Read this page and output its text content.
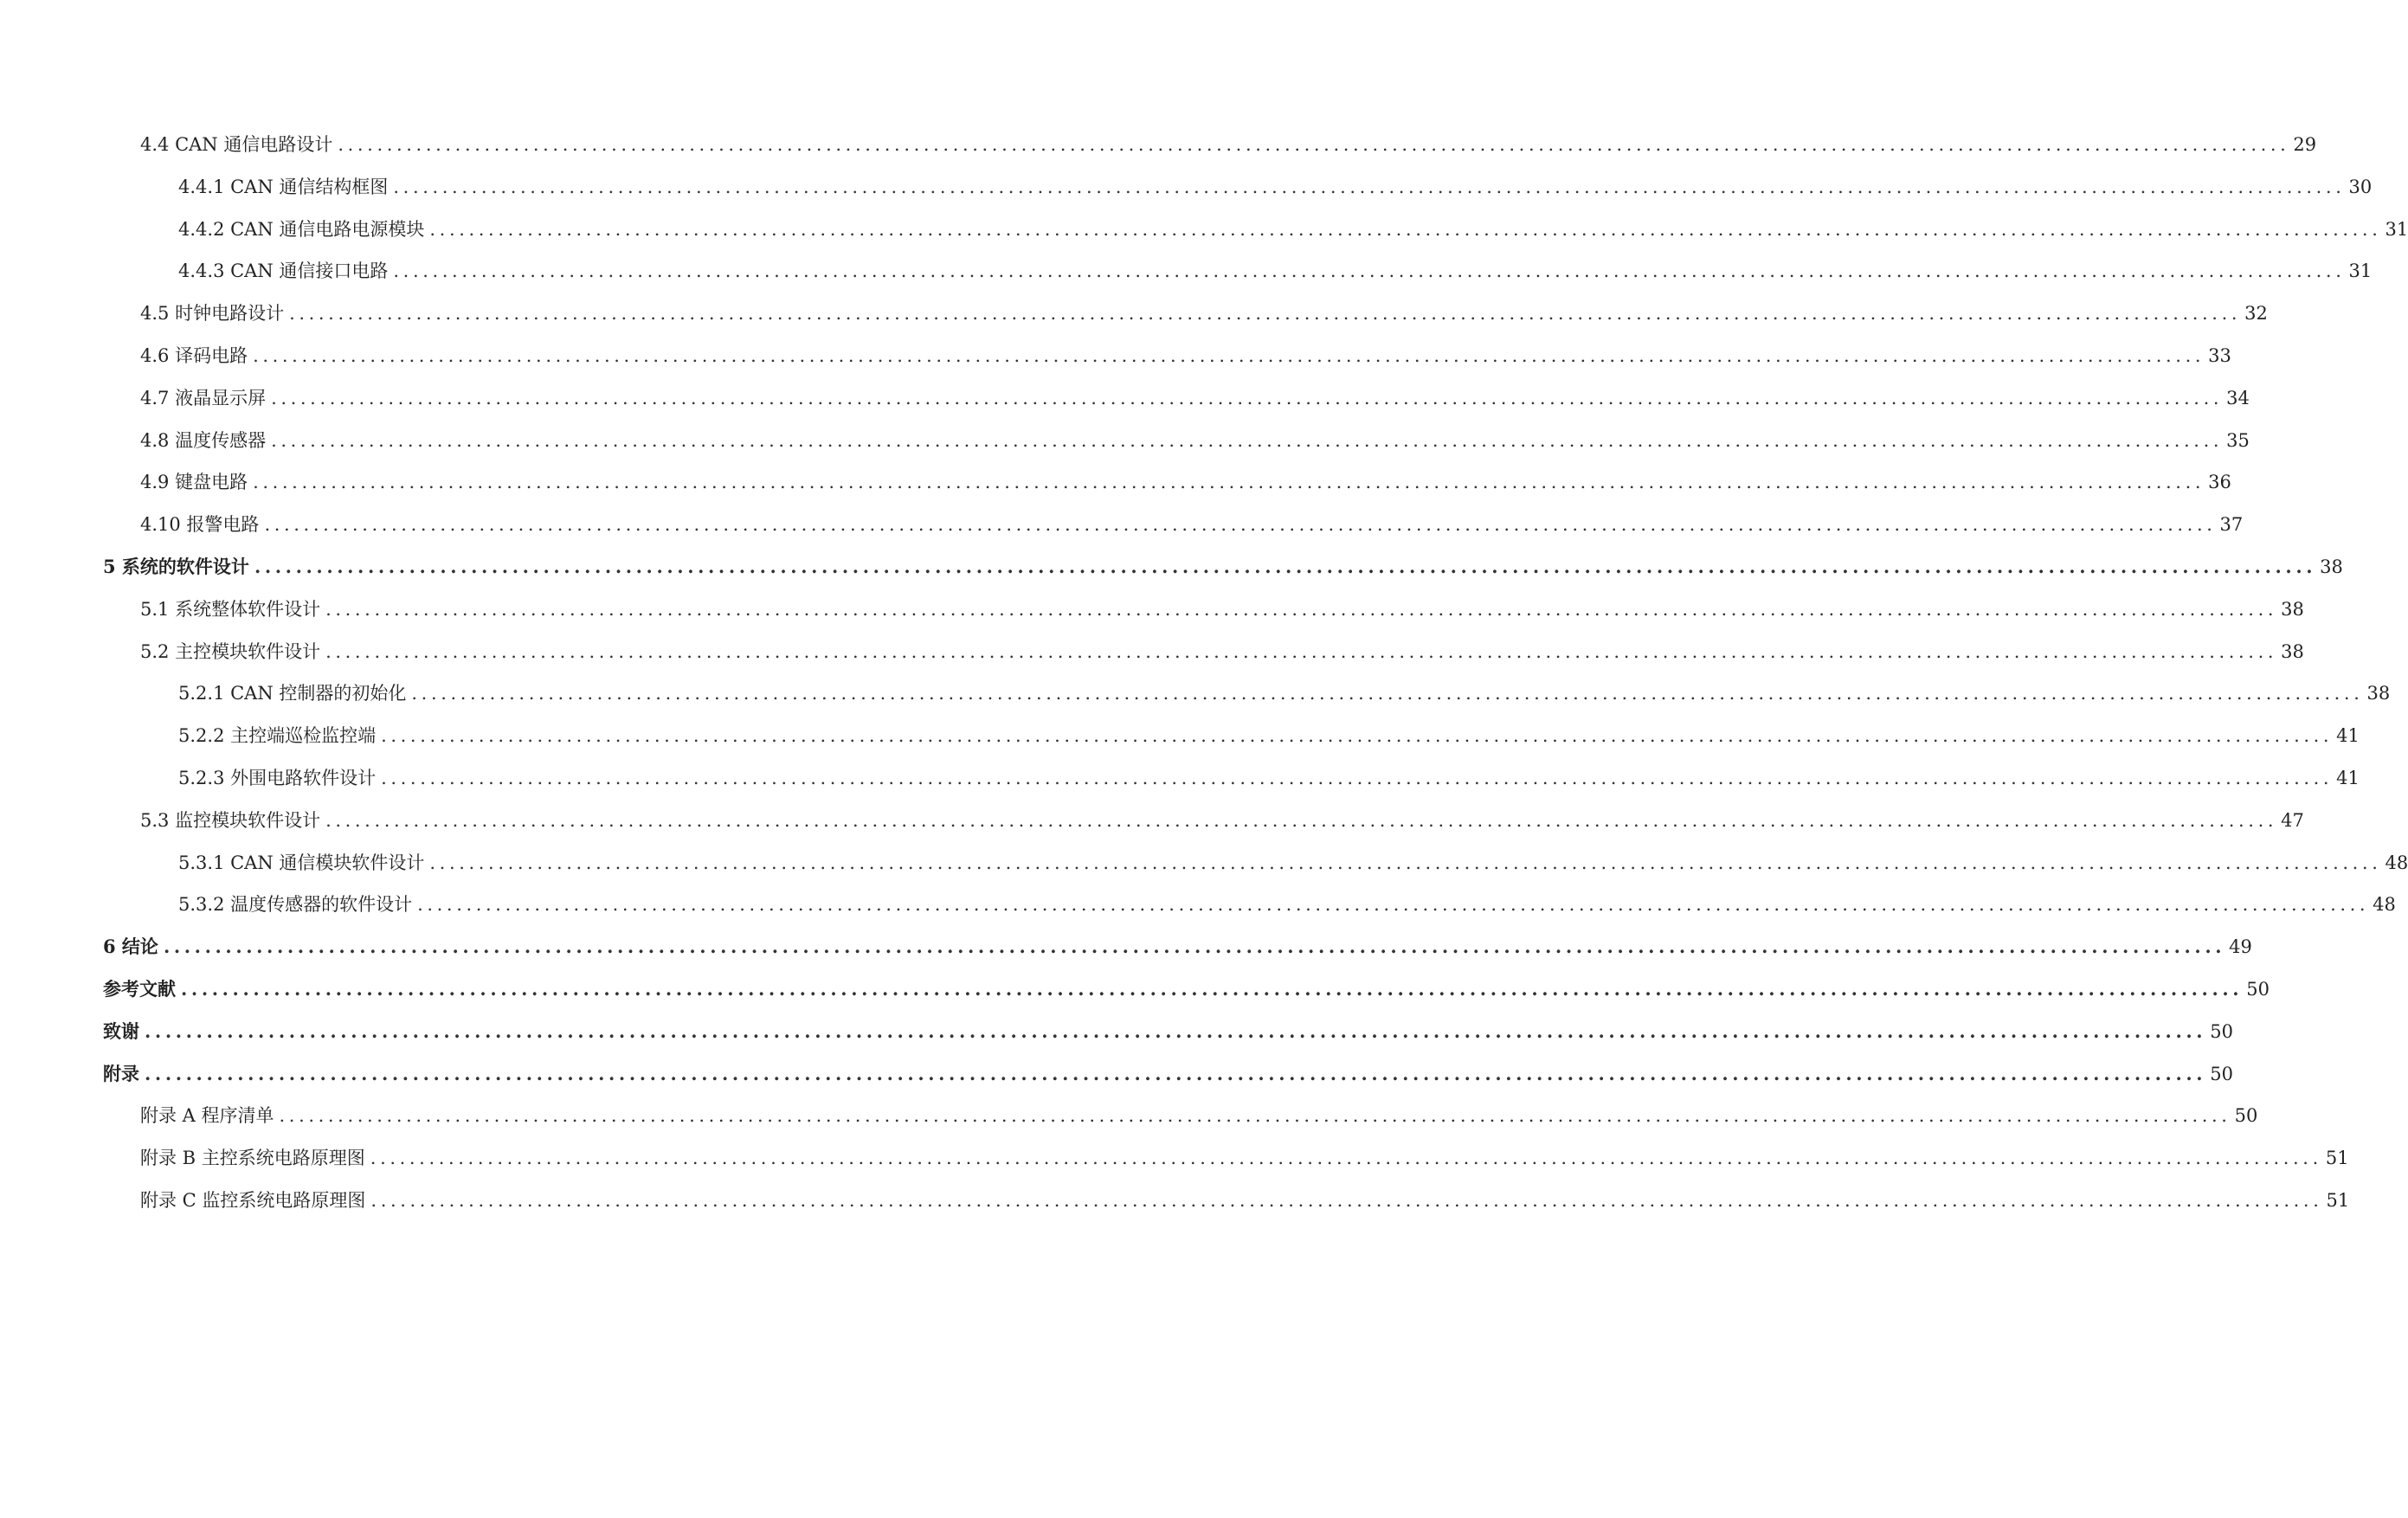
4.4 CAN 通信电路设计 ........................................................................................................................................................................................................ 29
4.4.1 CAN 通信结构框图 ........................................................................................................................................................................................................ 30
4.4.2 CAN 通信电路电源模块 ........................................................................................................................................................................................................ 31
4.4.3 CAN 通信接口电路 ........................................................................................................................................................................................................ 31
4.5 时钟电路设计 ........................................................................................................................................................................................................ 32
4.6 译码电路 ........................................................................................................................................................................................................ 33
4.7 液晶显示屏 ........................................................................................................................................................................................................ 34
4.8 温度传感器 ........................................................................................................................................................................................................ 35
4.9 键盘电路 ........................................................................................................................................................................................................ 36
4.10 报警电路 ........................................................................................................................................................................................................ 37
5 系统的软件设计 ........................................................................................................................................................................................................ 38
5.1 系统整体软件设计 ........................................................................................................................................................................................................ 38
5.2 主控模块软件设计 ........................................................................................................................................................................................................ 38
5.2.1 CAN 控制器的初始化 ........................................................................................................................................................................................................ 38
5.2.2 主控端巡检监控端 ........................................................................................................................................................................................................ 41
5.2.3 外围电路软件设计 ........................................................................................................................................................................................................ 41
5.3 监控模块软件设计 ........................................................................................................................................................................................................ 47
5.3.1 CAN 通信模块软件设计 ........................................................................................................................................................................................................ 48
5.3.2 温度传感器的软件设计 ........................................................................................................................................................................................................ 48
6 结论 ........................................................................................................................................................................................................ 49
参考文献 ........................................................................................................................................................................................................ 50
致谢 ........................................................................................................................................................................................................ 50
附录 ........................................................................................................................................................................................................ 50
附录 A 程序清单 ........................................................................................................................................................................................................ 50
附录 B 主控系统电路原理图 ........................................................................................................................................................................................................ 51
附录 C 监控系统电路原理图 ........................................................................................................................................................................................................ 51
